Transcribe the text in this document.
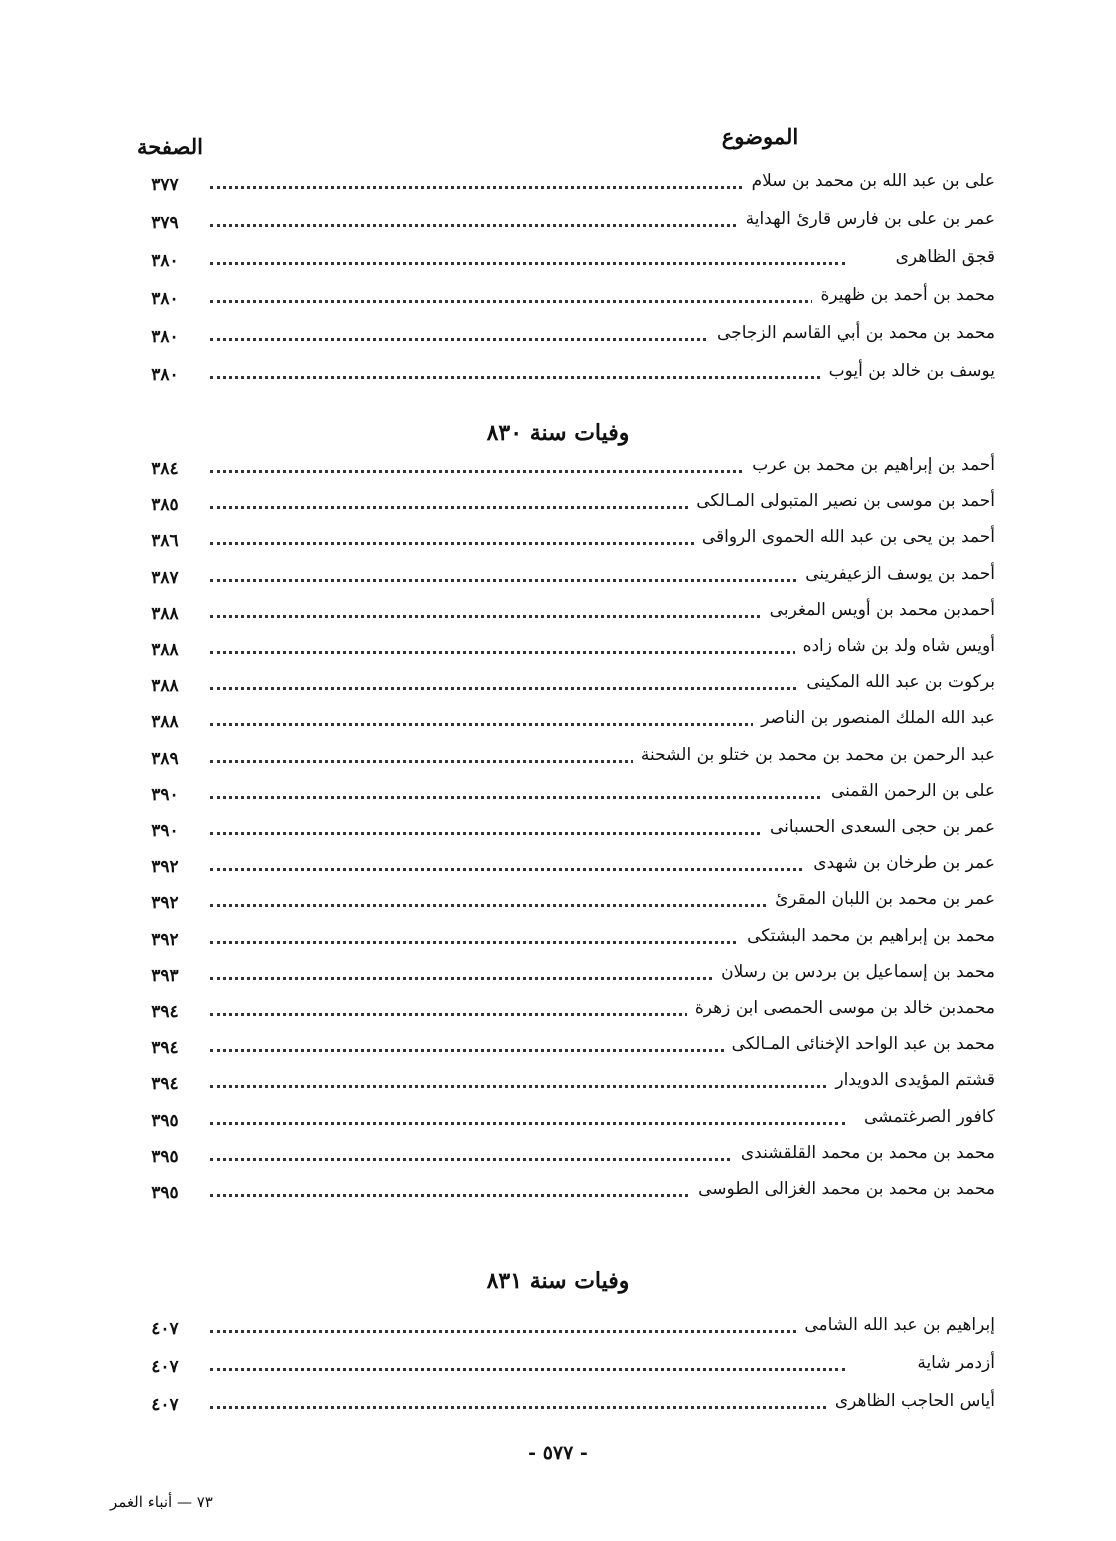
الموضوع
الصفحة
على بن عبد الله بن محمد بن سلام
٣٧٧
عمر بن على بن فارس قارئ الهداية
٣٧٩
قجق الظاهرى
٣٨٠
محمد بن أحمد بن ظهيرة
٣٨٠
محمد بن محمد بن أبي القاسم الزجاجى
٣٨٠
يوسف بن خالد بن أيوب
٣٨٠
وفيات سنة ٨٣٠
أحمد بن إبراهيم بن محمد بن عرب
٣٨٤
أحمد بن موسى بن نصير المتبولى المـالكى
٣٨٥
أحمد بن يحى بن عبد الله الحموى الرواقى
٣٨٦
أحمد بن يوسف الزعيفرينى
٣٨٧
أحمدبن محمد بن أويس المغربى
٣٨٨
أويس شاه ولد بن شاه زاده
٣٨٨
بركوت بن عبد الله المكينى
٣٨٨
عبد الله الملك المنصور بن الناصر
٣٨٨
عبد الرحمن بن محمد بن محمد بن ختلو بن الشحنة
٣٨٩
على بن الرحمن القمنى
٣٩٠
عمر بن حجى السعدى الحسبانى
٣٩٠
عمر بن طرخان بن شهدى
٣٩٢
عمر بن محمد بن اللبان المقرئ
٣٩٢
محمد بن إبراهيم بن محمد البشتكى
٣٩٢
محمد بن إسماعيل بن بردس بن رسلان
٣٩٣
محمدبن خالد بن موسى الحمصى ابن زهرة
٣٩٤
محمد بن عبد الواحد الإخنائى المـالكى
٣٩٤
قشتم المؤيدى الدويدار
٣٩٤
كافور الصرغتمشى
٣٩٥
محمد بن محمد بن محمد القلقشندى
٣٩٥
محمد بن محمد بن محمد الغزالى الطوسى
٣٩٥
وفيات سنة ٨٣١
إبراهيم بن عبد الله الشامى
٤٠٧
أزدمر شاية
٤٠٧
أياس الحاجب الظاهرى
٤٠٧
- ٥٧٧ -
٧٣ — أنباء الغمر
